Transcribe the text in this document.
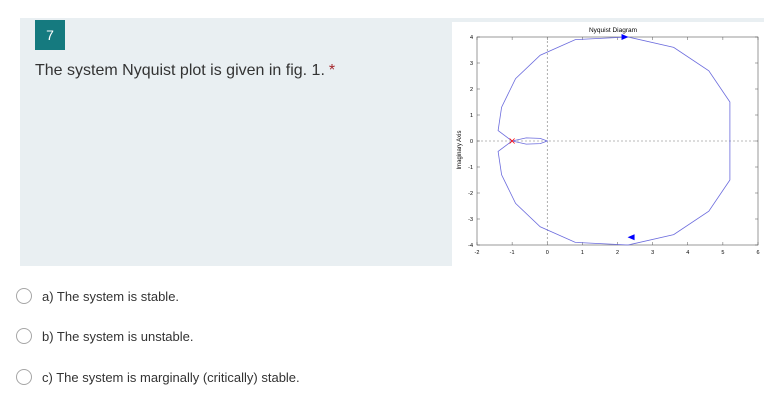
7
The system Nyquist plot is given in fig. 1. *
Nyquist Diagram
Imaginary Axis
-2	-1	0	1	2	3	4	5	6
4
3
2
1
0
-1
-2
-3
-4
a) The system is stable.
b) The system is unstable.
c) The system is marginally (critically) stable.
